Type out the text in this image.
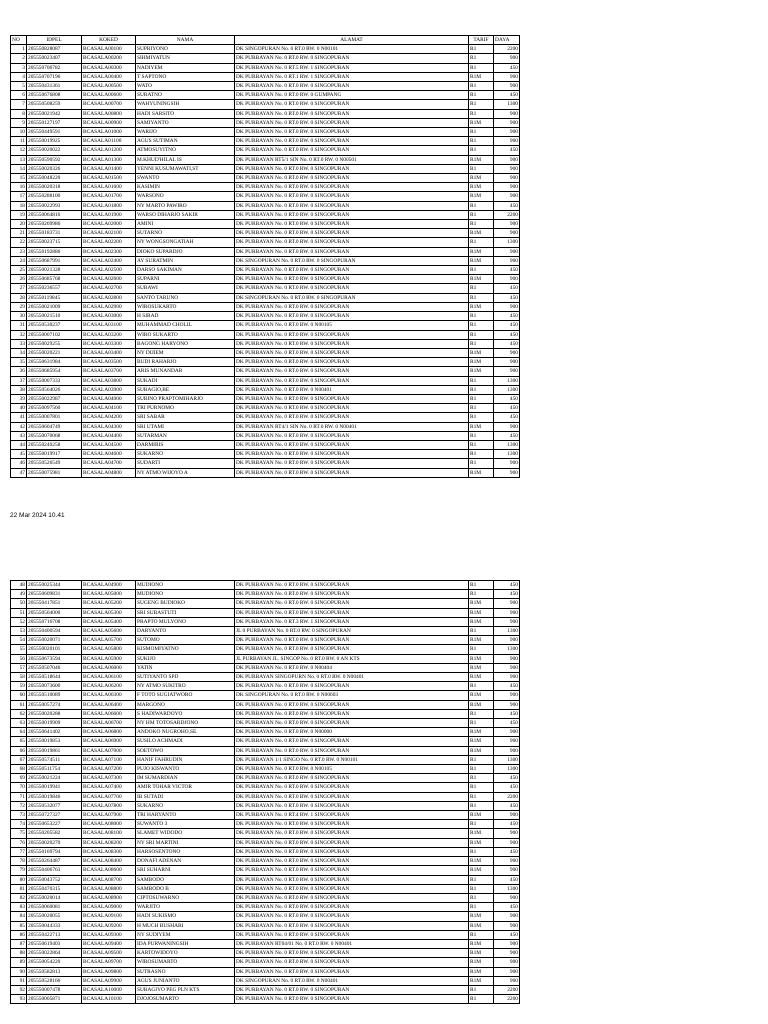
NO	IDPEL	KOKED	NAMA	ALAMAT	TARIF	DAYA
1	205550828087	BCASALA00100	SUPRIYONO	DK SINGOPURAN No. 0 RT.0 RW. 0 N00101	R1	2200
2	205550023407	BCASALA00200	SIHMIYATUN	DK PURBAYAN No. 0 RT.0 RW. 0 SINGOPURAN	R1	900
3	205550706782	BCASALA00300	NADIYEM	DK PURBAYAN No. 0 RT.5 RW. 1 SINGOPURAN	R1	450
4	205550707196	BCASALA00400	T SAPTONO	DK PURBAYAN No. 0 RT.1 RW. 1 SINGOPURAN	R1M	900
5	205550431361	BCASALA00500	WATO	DK PURBAYAN No. 0 RT.0 RW. 0 SINGOPURAN	R1	900
6	205550676808	BCASALA00600	SURATNO	DK PURBAYAN No. 0 RT.0 RW. 0 GUMPANG	R1	450
7	205550508259	BCASALA00700	WAHYUNINGSIH	DK PURBAYAN No. 0 RT.0 RW. 0 SINGOPURAN	R1	1300
8	205550021942	BCASALA00800	HADI SARSITO	DK PURBAYAN No. 0 RT.0 RW. 0 SINGOPURAN	R1	900
9	205550127197	BCASALA00900	SAMIYANTO	DK PURBAYAN No. 0 RT.0 RW. 0 SINGOPURAN	R1M	900
10	205550449591	BCASALA01000	WARIJO	DK PURBAYAN No. 0 RT.0 RW. 0 SINGOPURAN	R1	900
11	205550019925	BCASALA01100	AGUS SUTIMAN	DK PURBAYAN No. 0 RT.0 RW. 0 SINGOPURAN	R1	900
12	205550020022	BCASALA01200	ATMOSUYITNO	DK PURBAYAN No. 0 RT.0 RW. 0 SINGOPURAN	R1	450
13	205550590592	BCASALA01300	M.KHUD'HILAL IS	DK PURBAYAN RT5/1 SIN No. 0 RT.0 RW. 0 N00501	R1M	900
14	205550020326	BCASALA01400	YENNI KUSUMAWATI,ST	DK PURBAYAN No. 0 RT.0 RW. 0 SINGOPURAN	R1	900
15	205550048220	BCASALA01500	SWANTO	DK PURBAYAN No. 0 RT.0 RW. 0 SINGOPURAN	R1M	900
16	205550020318	BCASALA01600	KASIMIN	DK PURBAYAN No. 0 RT.0 RW. 0 SINGOPURAN	R1M	900
17	205550288100	BCASALA01700	WARSONO	DK PURBAYAN No. 0 RT.0 RW. 0 SINGOPURAN	R1M	900
18	205550022993	BCASALA01800	NY MARTO PAWIRO	DK PURBAYAN No. 0 RT.0 RW. 0 SINGOPURAN	R1	450
19	205550064816	BCASALA01900	WARSO DIHARJO SAKIR	DK PURBAYAN No. 0 RT.0 RW. 0 SINGOPURAN	R1	2200
20	205550269986	BCASALA02000	AMINI	DK PURBAYAN No. 0 RT.0 RW. 0 SINGOPURAN	R1	900
21	205550183731	BCASALA02100	SUTARNO	DK PURBAYAN No. 0 RT.0 RW. 0 SINGOPURAN	R1M	900
22	205550023715	BCASALA02200	NY WONGSONGATIAH	DK PURBAYAN No. 0 RT.0 RW. 0 SINGOPURAN	R1	1300
23	205550192886	BCASALA02300	DIOKO SUPARDJO	DK PURBAYAN No. 0 RT.0 RW. 0 SINGOPURAN	R1M	900
24	205550687991	BCASALA02400	AY SURATMIN	DK SINGOPURAN No. 0 RT.0 RW. 0 SINGOPURAN	R1M	900
25	205550021328	BCASALA02500	DARSO SAKIMAN	DK PURBAYAN No. 0 RT.0 RW. 0 SINGOPURAN	R1	450
26	205550685768	BCASALA02600	SUPARNI	DK PURBAYAN No. 0 RT.0 RW. 0 SINGOPURAN	R1M	900
27	205550236557	BCASALA02700	SUBAWI	DK PURBAYAN No. 0 RT.0 RW. 0 SINGOPURAN	R1	450
28	205550119845	BCASALA02800	SANTO TARUNO	DK SINGOPURAN No. 0 RT.0 RW. 0 SINGOPURAN	R1	450
29	205550021009	BCASALA02900	WIROSUKARTO	DK PURBAYAN No. 0 RT.0 RW. 0 SINGOPURAN	R1M	900
30	205550021510	BCASALA03000	H SIRAD	DK PURBAYAN No. 0 RT.0 RW. 0 SINGOPURAN	R1	450
31	205550530237	BCASALA03100	MUHAMMAD CHOLIL	DK PURBAYAN No. 0 RT.0 RW. 0 N00105	R1	450
32	205550007102	BCASALA03200	WIRO SUKARTO	DK PURBAYAN No. 0 RT.0 RW. 0 SINGOPURAN	R1	450
33	205550029255	BCASALA03300	BAGONG HARYONO	DK PURBAYAN No. 0 RT.0 RW. 0 SINGOPURAN	R1	450
34	205550020221	BCASALA03400	NY DIJIEM	DK PURBAYAN No. 0 RT.0 RW. 0 SINGOPURAN	R1M	900
35	205550631984	BCASALA03500	BUDI RAHARJO	DK PURBAYAN No. 0 RT.0 RW. 0 SINGOPURAN	R1M	900
36	205550685954	BCASALA03700	ARIS MUNANDAR	DK PURBAYAN No. 0 RT.0 RW. 0 SINGOPURAN	R1M	900
37	205550007333	BCASALA03800	SUKADI	DK PURBAYAN No. 0 RT.0 RW. 0 SINGOPURAN	R1	1300
38	205550564026	BCASALA03900	SUBAGIO,BE	DK PURBAYAN No. 0 RT.0 RW. 0 N00401	R1	1300
39	205550022987	BCASALA04000	SUBINO PRAPTOMIHARJO	DK PURBAYAN No. 0 RT.0 RW. 0 SINGOPURAN	R1	450
40	205550097560	BCASALA04100	TRI PURNOMO	DK PURBAYAN No. 0 RT.0 RW. 0 SINGOPURAN	R1	450
41	205550007801	BCASALA04200	SRI SABAR	DK PURBAYAN No. 0 RT.0 RW. 0 SINGOPURAN	R1	450
42	205550604749	BCASALA04300	SRI UTAMI	DK PURBAYAN RT4/1 SIN No. 0 RT.0 RW. 0 N00401	R1M	900
43	205550070068	BCASALA04400	SUTARMAN	DK PURBAYAN No. 0 RT.0 RW. 0 SINGOPURAN	R1	450
44	205550240258	BCASALA04500	DARMIRIS	DK PURBAYAN No. 0 RT.0 RW. 0 SINGOPURAN	R1	1300
45	205550019917	BCASALA04600	SUKARNO	DK PURBAYAN No. 0 RT.0 RW. 0 SINGOPURAN	R1	1300
46	205550526549	BCASALA04700	SUDARTI	DK PURBAYAN No. 0 RT.0 RW. 0 SINGOPURAN	R1	900
47	205550075981	BCASALA04800	NY ATMO WIJOYO A	DK PURBAYAN No. 0 RT.0 RW. 0 SINGOPURAN	R1M	900
22 Mar 2024 10.41
48	205550025344	BCASALA04900	MUDIONO	DK PURBAYAN No. 0 RT.0 RW. 0 SINGOPURAN	R1	450
49	205550609831	BCASALA05000	MUDIONO	DK PURBAYAN No. 0 RT.0 RW. 0 SINGOPURAN	R1	450
50	205550417851	BCASALA05200	SUGENG BUDIOKO	DK PURBAYAN No. 0 RT.0 RW. 0 SINGOPURAN	R1M	900
51	205550564000	BCASALA05300	SRI SUBASTUTI	DK PURBAYAN No. 0 RT.0 RW. 0 SINGOPURAN	R1M	900
52	205550716708	BCASALA05400	PRAPTO MULYONO	DK PURBAYAN No. 0 RT.3 RW. 1 SINGOPURAN	R1M	900
53	205550400594	BCASALA05600	DARYANTO	JL 0 PURBAYAN No. 0 RT.0 RW. 0 SINGOPURAN	R1	1300
54	205550020071	BCASALA05700	SUTOMO	DK PURBAYAN No. 0 RT.0 RW. 0 SINGOPURAN	R1M	900
55	205550020101	BCASALA05800	KISMOMIYATNO	DK PURBAYAN No. 0 RT.0 RW. 0 SINGOPURAN	R1	1300
56	205550673594	BCASALA05900	SUKIJO	JL PURBAYAN JL. SINGOP No. 0 RT.0 RW. 0 AN KTS	R1M	900
57	205550507046	BCASALA06000	YATIN	DK PURBAYAN No. 0 RT.0 RW. 0 N00404	R1M	900
58	205550518644	BCASALA06100	SUTIYANTO SPD	DK PURBAYAN SINGOPURN No. 0 RT.0 RW. 0 N00401	R1M	900
59	205550073600	BCASALA06200	NY ATMO SUKITRO	DK PURBAYAN No. 0 RT.0 RW. 0 SINGOPURAN	R1	450
60	205550510089	BCASALA06300	F TOTO SUGIATWORO	DK SINGOPURAN No. 0 RT.0 RW. 0 N00603	R1M	900
61	205550057274	BCASALA06400	MARGONO	DK PURBAYAN No. 0 RT.0 RW. 0 SINGOPURAN	R1M	900
62	205550020288	BCASALA06600	S HADIWARDOYO	DK PURBAYAN No. 0 RT.0 RW. 0 SINGOPURAN	R1	450
63	205550019909	BCASALA06700	NY HM TOTOSARDJONO	DK PURBAYAN No. 0 RT.0 RW. 0 SINGOPURAN	R1	450
64	205550641402	BCASALA06800	ANDOKO NUGROHO,SE.	DK PURBAYAN No. 0 RT.0 RW. 0 N00000	R1M	900
65	205550019853	BCASALA06900	SUSILO ACHMADI	DK PURBAYAN No. 0 RT.0 RW. 0 SINGOPURAN	R1M	900
66	205550019861	BCASALA07000	SOETOWO	DK PURBAYAN No. 0 RT.0 RW. 0 SINGOPURAN	R1M	900
67	205550574511	BCASALA07100	HANIF FAHRUDIN	DK PURBAYAN 1/1 SINGO No. 0 RT.0 RW. 0 N00101	R1	1300
68	205550511754	BCASALA07200	PUJO KISWANTO	DK PURBAYAN No. 0 RT.0 RW. 0 N00105	R1	1300
69	205550021224	BCASALA07300	IM SUMARDIAN	DK PURBAYAN No. 0 RT.0 RW. 0 SINGOPURAN	R1	450
70	205550019941	BCASALA07400	AMIR TOHAR VICTOR	DK PURBAYAN No. 0 RT.0 RW. 0 SINGOPURAN	R1	450
71	205550019846	BCASALA07700	IB SUTADI	DK PURBAYAN No. 0 RT.0 RW. 0 SINGOPURAN	R1	2200
72	205550532077	BCASALA07800	SUKARNO	DK PURBAYAN No. 0 RT.0 RW. 0 SINGOPURAN	R1	450
73	205550727327	BCASALA07900	TRI HARYANTO	DK PURBAYAN No. 0 RT.4 RW. 1 SINGOPURAN	R1M	900
74	205550653227	BCASALA08000	SUWANTO 3	DK PURBAYAN No. 0 RT.0 RW. 0 SINGOPURAN	R1	450
75	205550205582	BCASALA08100	SLAMET WIDODO	DK PURBAYAN No. 0 RT.0 RW. 0 SINGOPURAN	R1M	900
76	205550020270	BCASALA08200	NY SRI MARTINI	DK PURBAYAN No. 0 RT.0 RW. 0 SINGOPURAN	R1M	900
77	205550169794	BCASALA08300	HARSOSENTONO	DK PURBAYAN No. 0 RT.0 RW. 0 SINGOPURAN	R1	450
78	205550264487	BCASALA08400	DONAFI ADENAN	DK PURBAYAN No. 0 RT.0 RW. 0 SINGOPURAN	R1M	900
79	205550406763	BCASALA08600	SRI SUHARNI	DK PURBAYAN No. 0 RT.0 RW. 0 SINGOPURAN	R1M	900
80	205550043752	BCASALA08700	SAMBODO	DK PURBAYAN No. 0 RT.0 RW. 0 SINGOPURAN	R1	450
81	205550470315	BCASALA08800	SAMBODO B	DK PURBAYAN No. 0 RT.0 RW. 0 SINGOPURAN	R1	1300
82	205550020014	BCASALA08900	CIPTOSUWARNO	DK PURBAYAN No. 0 RT.0 RW. 0 SINGOPURAN	R1	900
83	205550060081	BCASALA09000	WARJITO	DK PURBAYAN No. 0 RT.0 RW. 0 SINGOPURAN	R1	450
84	205550020055	BCASALA09100	HADI SUKISMO	DK PURBAYAN No. 0 RT.0 RW. 0 SINGOPURAN	R1M	900
85	205550044333	BCASALA09200	H MUCH BUSHARI	DK PURBAYAN No. 0 RT.0 RW. 0 SINGOPURAN	R1M	900
86	205550422713	BCASALA09300	NY SUDIYEM	DK PURBAYAN No. 0 RT.0 RW. 0 SINGOPURAN	R1	450
87	205550619403	BCASALA09400	IDA PURWANINGSIH	DK PURBAYAN RT04/01 No. 0 RT.0 RW. 0 N00401	R1M	900
88	205550022864	BCASALA09500	KARTOWIDOYO	DK PURBAYAN No. 0 RT.0 RW. 0 SINGOPURAN	R1M	900
89	205550054220	BCASALA09700	WIROSUMARTO	DK PURBAYAN No. 0 RT.0 RW. 0 SINGOPURAN	R1M	900
90	205550582813	BCASALA09800	SUTRASNO	DK PURBAYAN No. 0 RT.0 RW. 0 SINGOPURAN	R1M	900
91	205550528166	BCASALA09900	AGUS JUNIANTO	DK SINGOPURAN No. 0 RT.0 RW. 0 N00401	R1M	900
92	205550007478	BCASALA10000	SUBAGIYO PEG PLN KTS	DK PURBAYAN No. 0 RT.0 RW. 0 SINGOPURAN	R1	2200
93	205550005871	BCASALA10100	DJOJOSUMARTO	DK PURBAYAN No. 0 RT.0 RW. 0 SINGOPURAN	R1	2200
